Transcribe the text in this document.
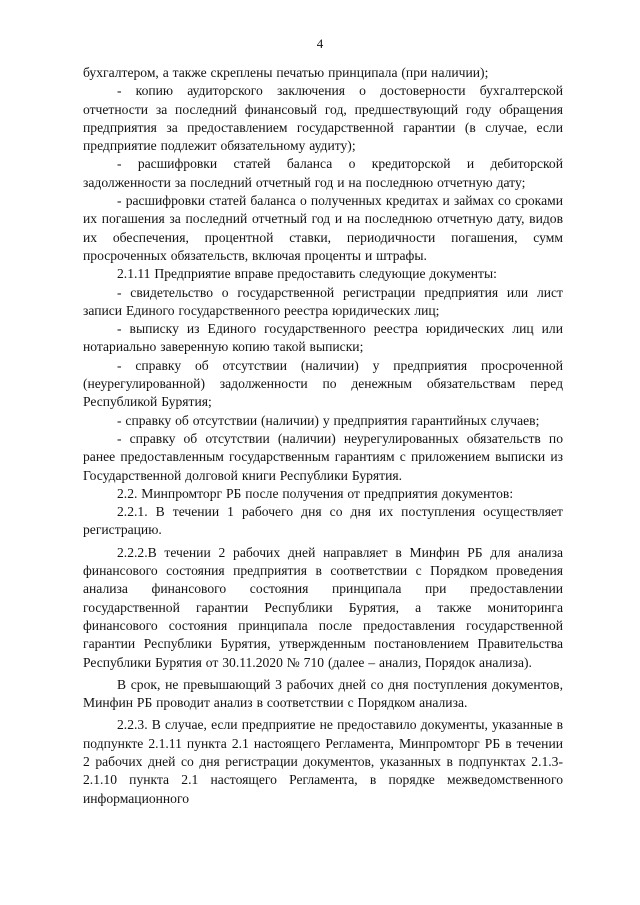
4

бухгалтером, а также скреплены печатью принципала (при наличии);

- копию аудиторского заключения о достоверности бухгалтерской отчетности за последний финансовый год, предшествующий году обращения предприятия за предоставлением государственной гарантии (в случае, если предприятие подлежит обязательному аудиту);

- расшифровки статей баланса о кредиторской и дебиторской задолженности за последний отчетный год и на последнюю отчетную дату;

- расшифровки статей баланса о полученных кредитах и займах со сроками их погашения за последний отчетный год и на последнюю отчетную дату, видов их обеспечения, процентной ставки, периодичности погашения, сумм просроченных обязательств, включая проценты и штрафы.

2.1.11 Предприятие вправе предоставить следующие документы:

- свидетельство о государственной регистрации предприятия или лист записи Единого государственного реестра юридических лиц;

- выписку из Единого государственного реестра юридических лиц или нотариально заверенную копию такой выписки;

- справку об отсутствии (наличии) у предприятия просроченной (неурегулированной) задолженности по денежным обязательствам перед Республикой Бурятия;

- справку об отсутствии (наличии) у предприятия гарантийных случаев;

- справку об отсутствии (наличии) неурегулированных обязательств по ранее предоставленным государственным гарантиям с приложением выписки из Государственной долговой книги Республики Бурятия.

2.2. Минпромторг РБ после получения от предприятия документов:

2.2.1. В течении 1 рабочего дня со дня их поступления осуществляет регистрацию.

2.2.2.В течении 2 рабочих дней направляет в Минфин РБ для анализа финансового состояния предприятия в соответствии с Порядком проведения анализа финансового состояния принципала при предоставлении государственной гарантии Республики Бурятия, а также мониторинга финансового состояния принципала после предоставления государственной гарантии Республики Бурятия, утвержденным постановлением Правительства Республики Бурятия от 30.11.2020 № 710 (далее – анализ, Порядок анализа).

В срок, не превышающий 3 рабочих дней со дня поступления документов, Минфин РБ проводит анализ в соответствии с Порядком анализа.

2.2.3. В случае, если предприятие не предоставило документы, указанные в подпункте 2.1.11 пункта 2.1 настоящего Регламента, Минпромторг РБ в течении 2 рабочих дней со дня регистрации документов, указанных в подпунктах 2.1.3-2.1.10 пункта 2.1 настоящего Регламента, в порядке межведомственного информационного
